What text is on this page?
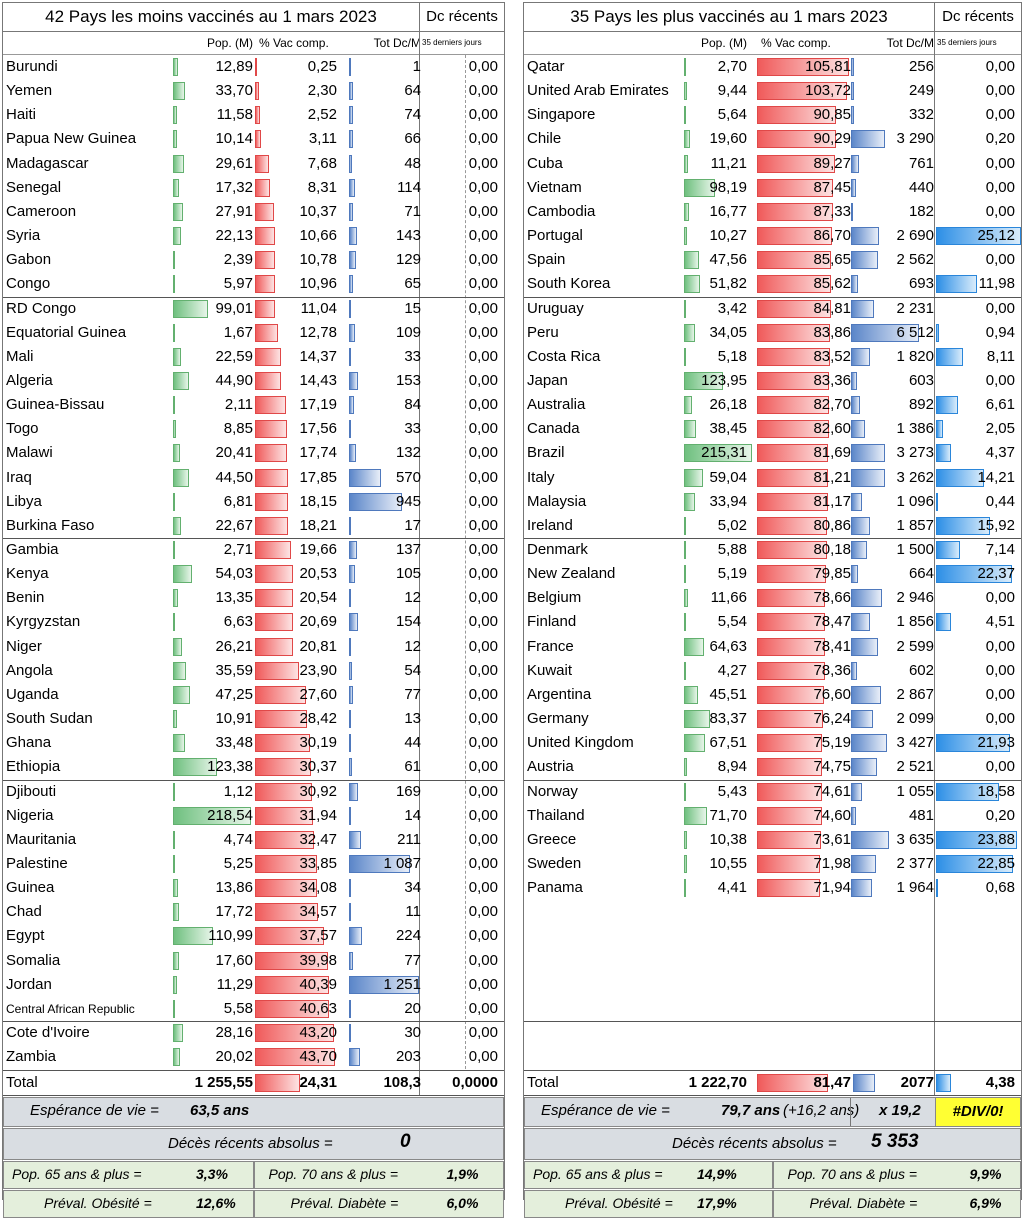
42 Pays les moins vaccinés au 1 mars 2023	Dc récents
Pop. (M) % Vac comp.	Tot Dc/M 35 derniers jours
Burundi	12,89	0,25	1	0,00
Yemen	33,70	2,30	64	0,00
Haiti	11,58	2,52	74	0,00
Papua New Guinea	10,14	3,11	66	0,00
Madagascar	29,61	7,68	48	0,00
Senegal	17,32	8,31	114	0,00
Cameroon	27,91	10,37	71	0,00
Syria	22,13	10,66	143	0,00
Gabon	2,39	10,78	129	0,00
Congo	5,97	10,96	65	0,00
RD Congo	99,01	11,04	15	0,00
Equatorial Guinea	1,67	12,78	109	0,00
Mali	22,59	14,37	33	0,00
Algeria	44,90	14,43	153	0,00
Guinea-Bissau	2,11	17,19	84	0,00
Togo	8,85	17,56	33	0,00
Malawi	20,41	17,74	132	0,00
Iraq	44,50	17,85	570	0,00
Libya	6,81	18,15	945	0,00
Burkina Faso	22,67	18,21	17	0,00
Gambia	2,71	19,66	137	0,00
Kenya	54,03	20,53	105	0,00
Benin	13,35	20,54	12	0,00
Kyrgyzstan	6,63	20,69	154	0,00
Niger	26,21	20,81	12	0,00
Angola	35,59	23,90	54	0,00
Uganda	47,25	27,60	77	0,00
South Sudan	10,91	28,42	13	0,00
Ghana	33,48	30,19	44	0,00
Ethiopia	123,38	30,37	61	0,00
Djibouti	1,12	30,92	169	0,00
Nigeria	218,54	31,94	14	0,00
Mauritania	4,74	32,47	211	0,00
Palestine	5,25	33,85	1 087	0,00
Guinea	13,86	34,08	34	0,00
Chad	17,72	34,57	11	0,00
Egypt	110,99	37,57	224	0,00
Somalia	17,60	39,98	77	0,00
Jordan	11,29	40,39	1 251	0,00
Central African Republic	5,58	40,63	20	0,00
Cote d'Ivoire	28,16	43,20	30	0,00
Zambia	20,02	43,70	203	0,00
Total	1 255,55	24,31	108,3 0,0000
Espérance de vie = 63,5 ans
Décès récents absolus =	0
Pop. 65 ans & plus =	3,3%	Pop. 70 ans & plus =	1,9%
Préval. Obésité =	12,6%	Préval. Diabète =	6,0%
35 Pays les plus vaccinés au 1 mars 2023	Dc récents
Pop. (M) % Vac comp.	Tot Dc/M 35 derniers jours
Qatar	2,70	105,81	256	0,00
United Arab Emirates	9,44	103,72	249	0,00
Singapore	5,64	90,85	332	0,00
Chile	19,60	90,29	3 290	0,20
Cuba	11,21	89,27	761	0,00
Vietnam	98,19	87,45	440	0,00
Cambodia	16,77	87,33	182	0,00
Portugal	10,27	86,70	2 690	25,12
Spain	47,56	85,65	2 562	0,00
South Korea	51,82	85,62	693	11,98
Uruguay	3,42	84,81	2 231	0,00
Peru	34,05	83,86	6 512	0,94
Costa Rica	5,18	83,52	1 820	8,11
Japan	123,95	83,36	603	0,00
Australia	26,18	82,70	892	6,61
Canada	38,45	82,60	1 386	2,05
Brazil	215,31	81,69	3 273	4,37
Italy	59,04	81,21	3 262	14,21
Malaysia	33,94	81,17	1 096	0,44
Ireland	5,02	80,86	1 857	15,92
Denmark	5,88	80,18	1 500	7,14
New Zealand	5,19	79,85	664	22,37
Belgium	11,66	78,66	2 946	0,00
Finland	5,54	78,47	1 856	4,51
France	64,63	78,41	2 599	0,00
Kuwait	4,27	78,36	602	0,00
Argentina	45,51	76,60	2 867	0,00
Germany	83,37	76,24	2 099	0,00
United Kingdom	67,51	75,19	3 427	21,93
Austria	8,94	74,75	2 521	0,00
Norway	5,43	74,61	1 055	18,58
Thailand	71,70	74,60	481	0,20
Greece	10,38	73,61	3 635	23,88
Sweden	10,55	71,98	2 377	22,85
Panama	4,41	71,94	1 964	0,68
Total	1 222,70	81,47	2077	4,38
Espérance de vie =	79,7 ans (+16,2 ans) x 19,2	#DIV/0!
Décès récents absolus = 5 353
Pop. 65 ans & plus = 14,9%	Pop. 70 ans & plus =	9,9%
Préval. Obésité = 17,9%	Préval. Diabète =	6,9%
